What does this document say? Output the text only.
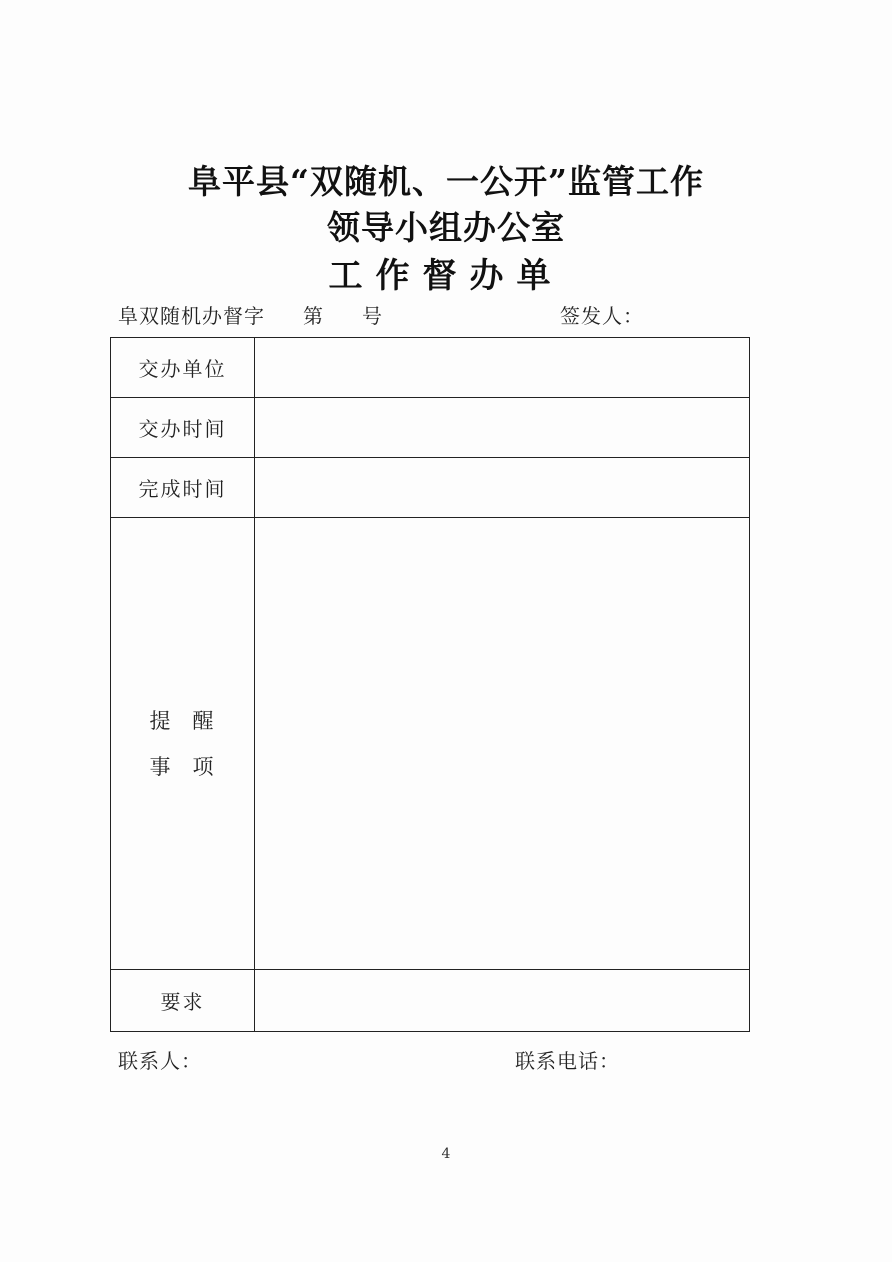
阜平县“双随机、一公开”监管工作
领导小组办公室
工作督办单
阜双随机办督字 第 号	签发人：
交办单位	
交办时间	
完成时间	

提 醒
事 项	

要求	
联系人：	联系电话：
4
